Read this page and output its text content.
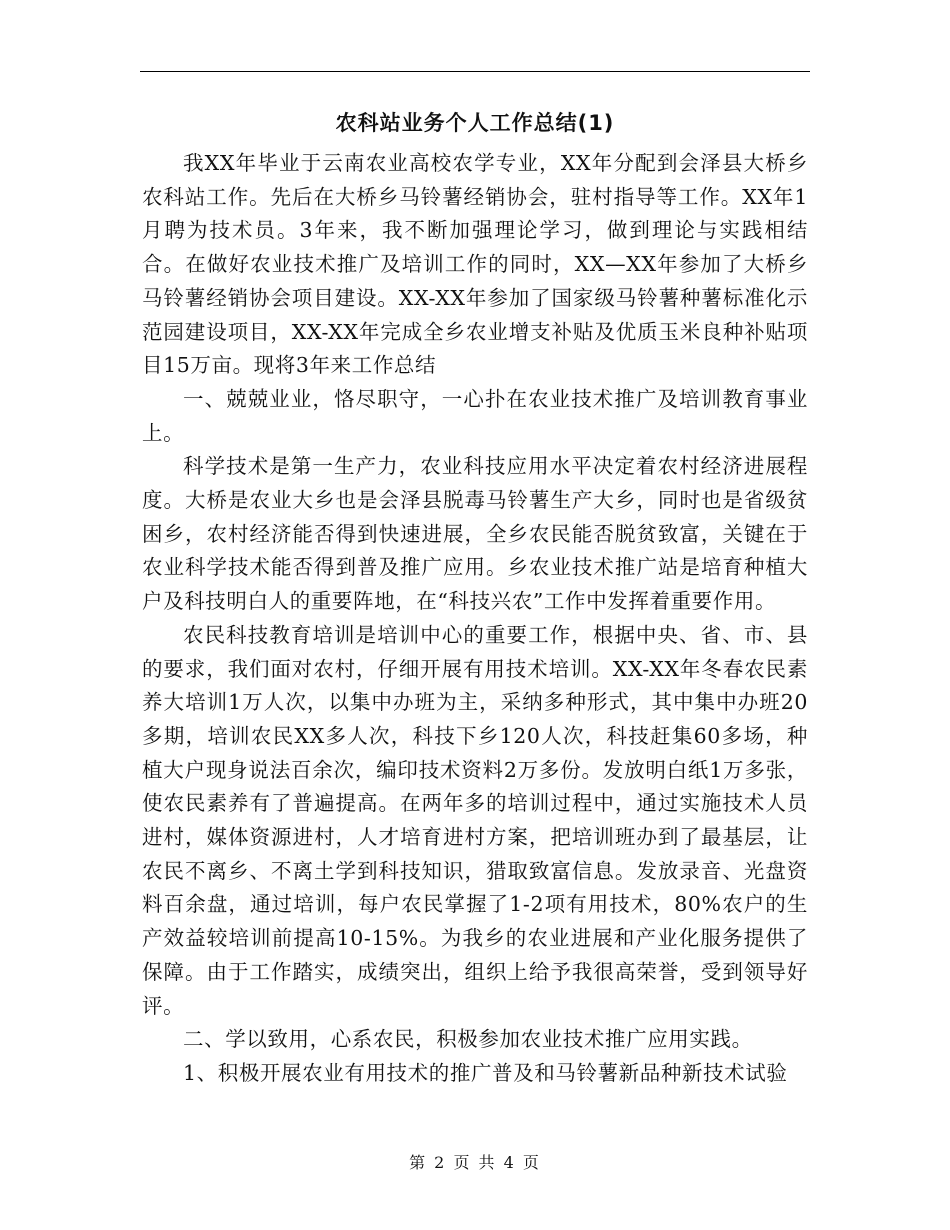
农科站业务个人工作总结(1)

我XX年毕业于云南农业高校农学专业，XX年分配到会泽县大桥乡农科站工作。先后在大桥乡马铃薯经销协会，驻村指导等工作。XX年1月聘为技术员。3年来，我不断加强理论学习，做到理论与实践相结合。在做好农业技术推广及培训工作的同时，XX—XX年参加了大桥乡马铃薯经销协会项目建设。XX-XX年参加了国家级马铃薯种薯标准化示范园建设项目，XX-XX年完成全乡农业增支补贴及优质玉米良种补贴项目15万亩。现将3年来工作总结

一、兢兢业业，恪尽职守，一心扑在农业技术推广及培训教育事业上。

科学技术是第一生产力，农业科技应用水平决定着农村经济进展程度。大桥是农业大乡也是会泽县脱毒马铃薯生产大乡，同时也是省级贫困乡，农村经济能否得到快速进展，全乡农民能否脱贫致富，关键在于农业科学技术能否得到普及推广应用。乡农业技术推广站是培育种植大户及科技明白人的重要阵地，在“科技兴农”工作中发挥着重要作用。

农民科技教育培训是培训中心的重要工作，根据中央、省、市、县的要求，我们面对农村，仔细开展有用技术培训。XX-XX年冬春农民素养大培训1万人次，以集中办班为主，采纳多种形式，其中集中办班20多期，培训农民XX多人次，科技下乡120人次，科技赶集60多场，种植大户现身说法百余次，编印技术资料2万多份。发放明白纸1万多张，使农民素养有了普遍提高。在两年多的培训过程中，通过实施技术人员进村，媒体资源进村，人才培育进村方案，把培训班办到了最基层，让农民不离乡、不离土学到科技知识，猎取致富信息。发放录音、光盘资料百余盘，通过培训，每户农民掌握了1-2项有用技术，80%农户的生产效益较培训前提高10-15%。为我乡的农业进展和产业化服务提供了保障。由于工作踏实，成绩突出，组织上给予我很高荣誉，受到领导好评。

二、学以致用，心系农民，积极参加农业技术推广应用实践。

1、积极开展农业有用技术的推广普及和马铃薯新品种新技术试验

第 2 页 共 4 页
